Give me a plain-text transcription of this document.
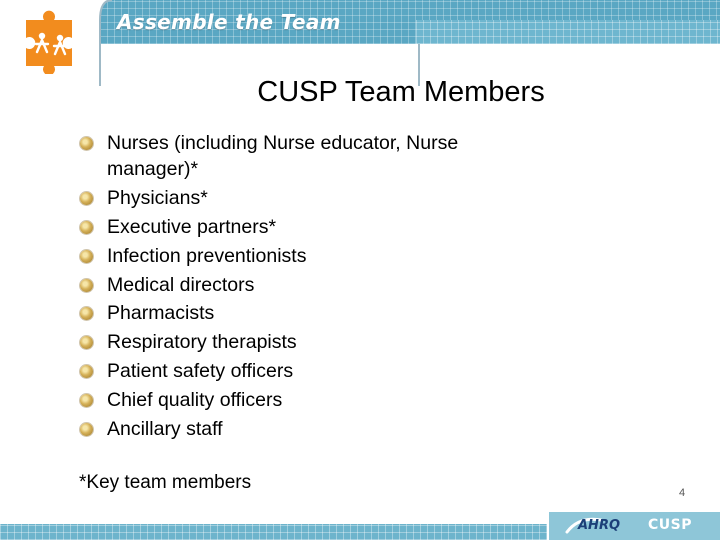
Assemble the Team
CUSP Team Members
Nurses (including Nurse educator, Nurse manager)*
Physicians*
Executive partners*
Infection preventionists
Medical directors
Pharmacists
Respiratory therapists
Patient safety officers
Chief quality officers
Ancillary staff

*Key team members	4

AHRQ CUSP
